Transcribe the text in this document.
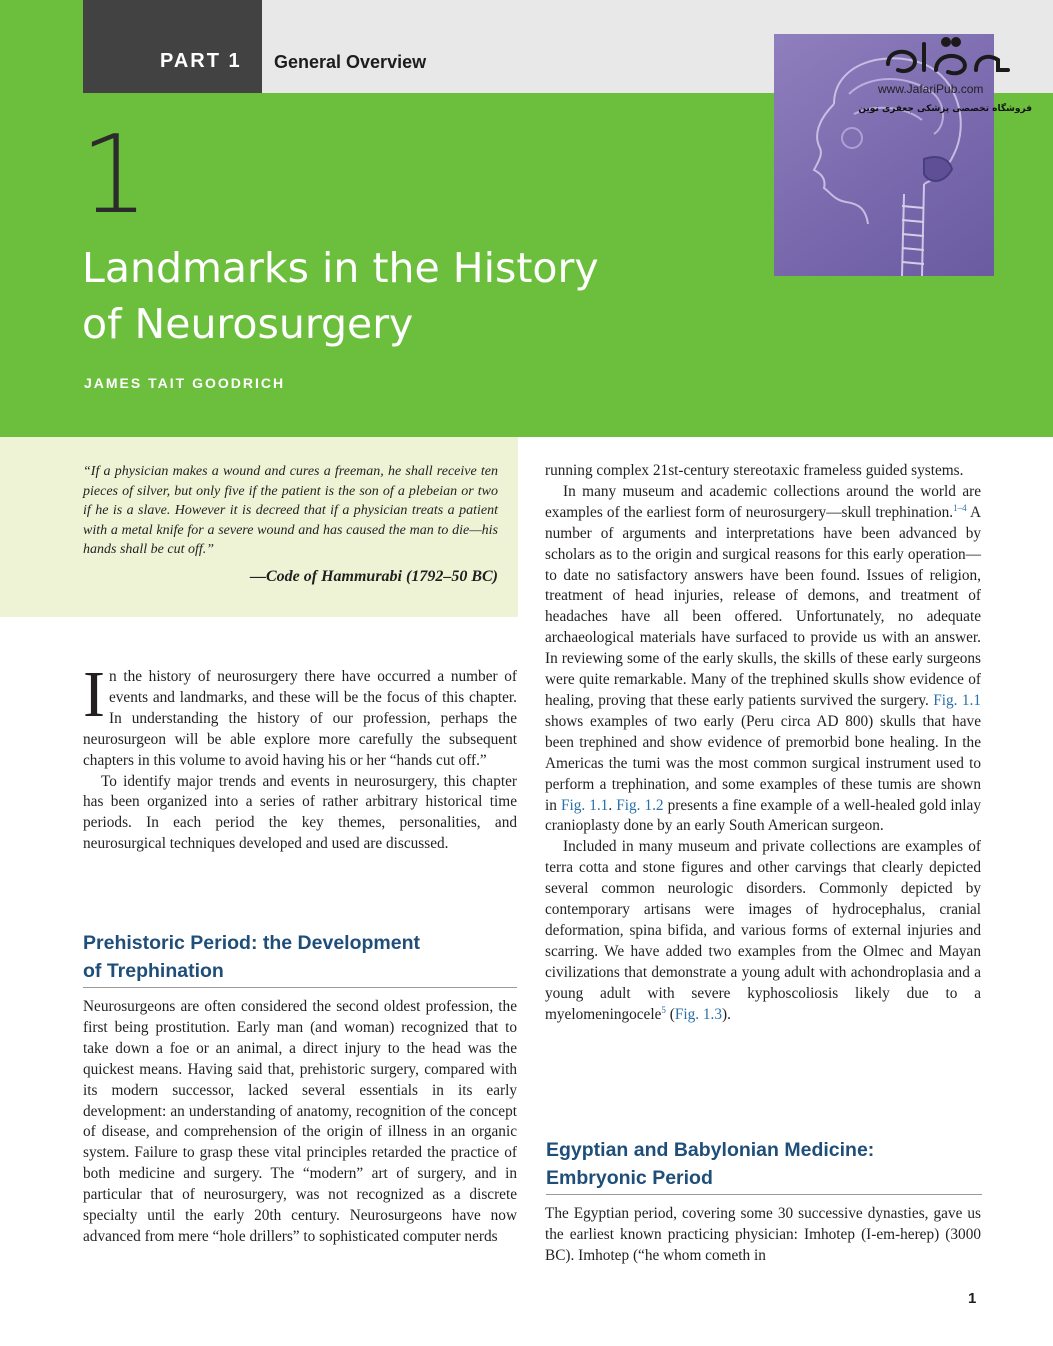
PART 1 General Overview
1
Landmarks in the History
of Neurosurgery
JAMES TAIT GOODRICH
www.JafariPub.com
فروشگاه تخصصی پزشکی جعفری نوین
“If a physician makes a wound and cures a freeman, he shall receive ten pieces of silver, but only five if the patient is the son of a plebeian or two if he is a slave. However it is decreed that if a physician treats a patient with a metal knife for a severe wound and has caused the man to die—his hands shall be cut off.”
—Code of Hammurabi (1792–50 BC)

In the history of neurosurgery there have occurred a number of events and landmarks, and these will be the focus of this chapter. In understanding the history of our profession, perhaps the neurosurgeon will be able explore more carefully the subsequent chapters in this volume to avoid having his or her “hands cut off.”

To identify major trends and events in neurosurgery, this chapter has been organized into a series of rather arbitrary historical time periods. In each period the key themes, personalities, and neurosurgical techniques developed and used are discussed.

Prehistoric Period: the Development
of Trephination

Neurosurgeons are often considered the second oldest profession, the first being prostitution. Early man (and woman) recognized that to take down a foe or an animal, a direct injury to the head was the quickest means. Having said that, prehistoric surgery, compared with its modern successor, lacked several essentials in its early development: an understanding of anatomy, recognition of the concept of disease, and comprehension of the origin of illness in an organic system. Failure to grasp these vital principles retarded the practice of both medicine and surgery. The “modern” art of surgery, and in particular that of neurosurgery, was not recognized as a discrete specialty until the early 20th century. Neurosurgeons have now advanced from mere “hole drillers” to sophisticated computer nerds

running complex 21st-century stereotaxic frameless guided systems.

In many museum and academic collections around the world are examples of the earliest form of neurosurgery—skull trephination.$^{1-4}$ A number of arguments and interpretations have been advanced by scholars as to the origin and surgical reasons for this early operation—to date no satisfactory answers have been found. Issues of religion, treatment of head injuries, release of demons, and treatment of headaches have all been offered. Unfortunately, no adequate archaeological materials have surfaced to provide us with an answer. In reviewing some of the early skulls, the skills of these early surgeons were quite remarkable. Many of the trephined skulls show evidence of healing, proving that these early patients survived the surgery. Fig. 1.1 shows examples of two early (Peru circa AD 800) skulls that have been trephined and show evidence of premorbid bone healing. In the Americas the tumi was the most common surgical instrument used to perform a trephination, and some examples of these tumis are shown in Fig. 1.1. Fig. 1.2 presents a fine example of a well-healed gold inlay cranioplasty done by an early South American surgeon.

Included in many museum and private collections are examples of terra cotta and stone figures and other carvings that clearly depicted several common neurologic disorders. Commonly depicted by contemporary artisans were images of hydrocephalus, cranial deformation, spina bifida, and various forms of external injuries and scarring. We have added two examples from the Olmec and Mayan civilizations that demonstrate a young adult with achondroplasia and a young adult with severe kyphoscoliosis likely due to a myelomeningocele$^5$ (Fig. 1.3).

Egyptian and Babylonian Medicine:
Embryonic Period

The Egyptian period, covering some 30 successive dynasties, gave us the earliest known practicing physician: Imhotep (I-em-herep) (3000 BC). Imhotep (“he whom cometh in

1
